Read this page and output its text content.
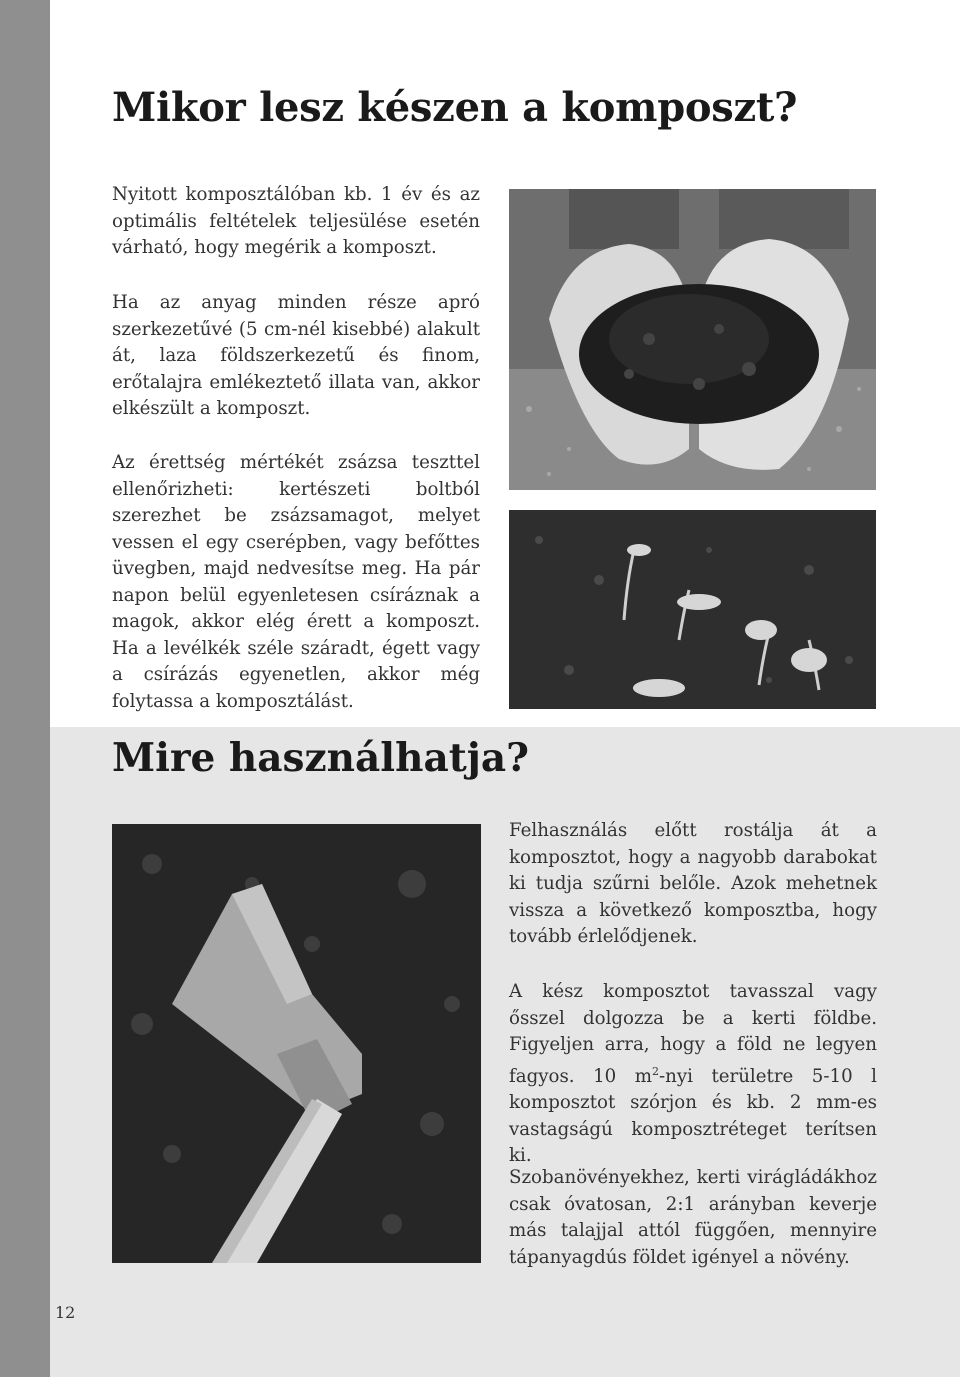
Mikor lesz készen a komposzt?

Nyitott komposztálóban kb. 1 év és az optimális feltételek teljesülése esetén várható, hogy megérik a komposzt.

Ha az anyag minden része apró szerkezetűvé (5 cm-nél kisebbé) alakult át, laza földszerkezetű és finom, erőtalajra emlékeztető illata van, akkor elkészült a komposzt.

Az érettség mértékét zsázsa teszttel ellenőrizheti: kertészeti boltból szerezhet be zsázsamagot, melyet vessen el egy cserépben, vagy befőttes üvegben, majd nedvesítse meg. Ha pár napon belül egyenletesen csíráznak a magok, akkor elég érett a komposzt. Ha a levélkék széle száradt, égett vagy a csírázás egyenetlen, akkor még folytassa a komposztálást.

Mire használhatja?

Felhasználás előtt rostálja át a komposztot, hogy a nagyobb darabokat ki tudja szűrni belőle. Azok mehetnek vissza a következő komposztba, hogy tovább érlelődjenek.

A kész komposztot tavasszal vagy ősszel dolgozza be a kerti földbe. Figyeljen arra, hogy a föld ne legyen fagyos. 10 $m^2$-nyi területre 5-10 l komposztot szórjon és kb. 2 mm-es vastagságú komposztréteget terítsen ki.

Szobanövényekhez, kerti virágládákhoz csak óvatosan, 2:1 arányban keverje más talajjal attól függően, mennyire tápanyagdús földet igényel a növény.

12
